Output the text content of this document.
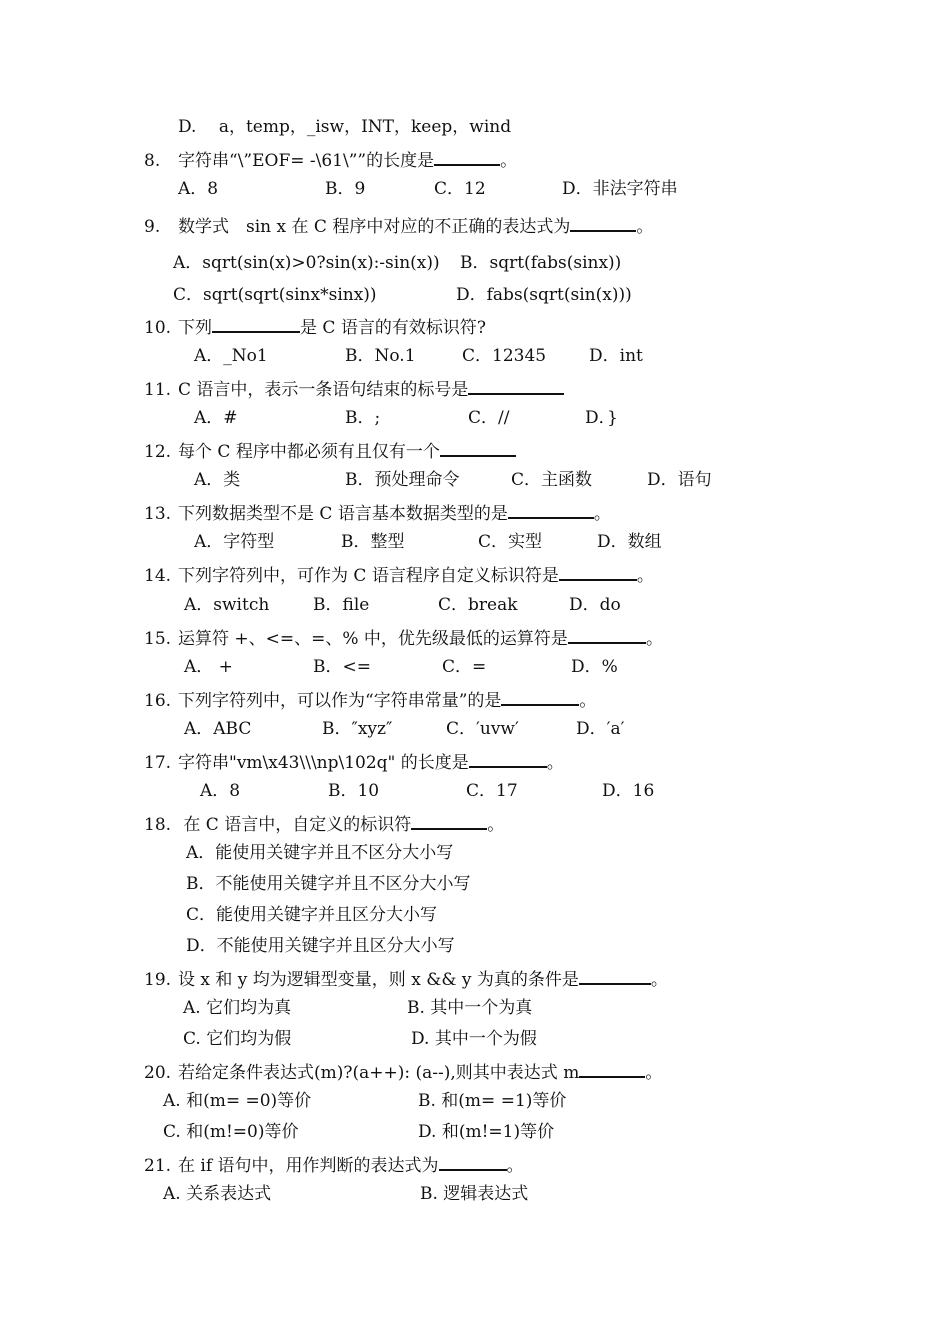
D.　 a，temp，_isw，INT，keep，wind
8. 字符串“\”EOF= -\61\””的长度是	。
A．8	B．9	C．12	D．非法字符串
9. 数学式　sin x 在 C 程序中对应的不正确的表达式为	。
A．sqrt(sin(x)>0?sin(x):-sin(x)) B．sqrt(fabs(sinx))
C．sqrt(sqrt(sinx*sinx))	D．fabs(sqrt(sin(x)))
10. 下列	是 C 语言的有效标识符?
A．_No1	B．No.1	C．12345	D．int
11. C 语言中，表示一条语句结束的标号是
A．#	B．;	C．//	D．}
12. 每个 C 程序中都必须有且仅有一个
A．类	B．预处理命令	C．主函数	D．语句
13. 下列数据类型不是 C 语言基本数据类型的是	。
A．字符型	B．整型	C．实型	D．数组
14. 下列字符列中，可作为 C 语言程序自定义标识符是	。
A．switch	B．file	C．break	D．do
15. 运算符 +、<=、=、% 中，优先级最低的运算符是	。
A． +	B．<=	C．=	D．%
16. 下列字符列中，可以作为“字符串常量”的是	。
A．ABC	B．″xyz″	C．′uvw′	D．′a′
17. 字符串"vm\x43\\\np\102q" 的长度是	。
A．8	B．10	C．17	D．16
18. 在 C 语言中，自定义的标识符	。
A．能使用关键字并且不区分大小写
B．不能使用关键字并且不区分大小写
C．能使用关键字并且区分大小写
D．不能使用关键字并且区分大小写
19. 设 x 和 y 均为逻辑型变量，则 x && y 为真的条件是	。
A. 它们均为真	B. 其中一个为真
C. 它们均为假	D. 其中一个为假
20. 若给定条件表达式(m)?(a++): (a--),则其中表达式 m	。
A. 和(m= =0)等价	B. 和(m= =1)等价
C. 和(m!=0)等价	D. 和(m!=1)等价
21. 在 if 语句中，用作判断的表达式为	。
A. 关系表达式	B. 逻辑表达式
